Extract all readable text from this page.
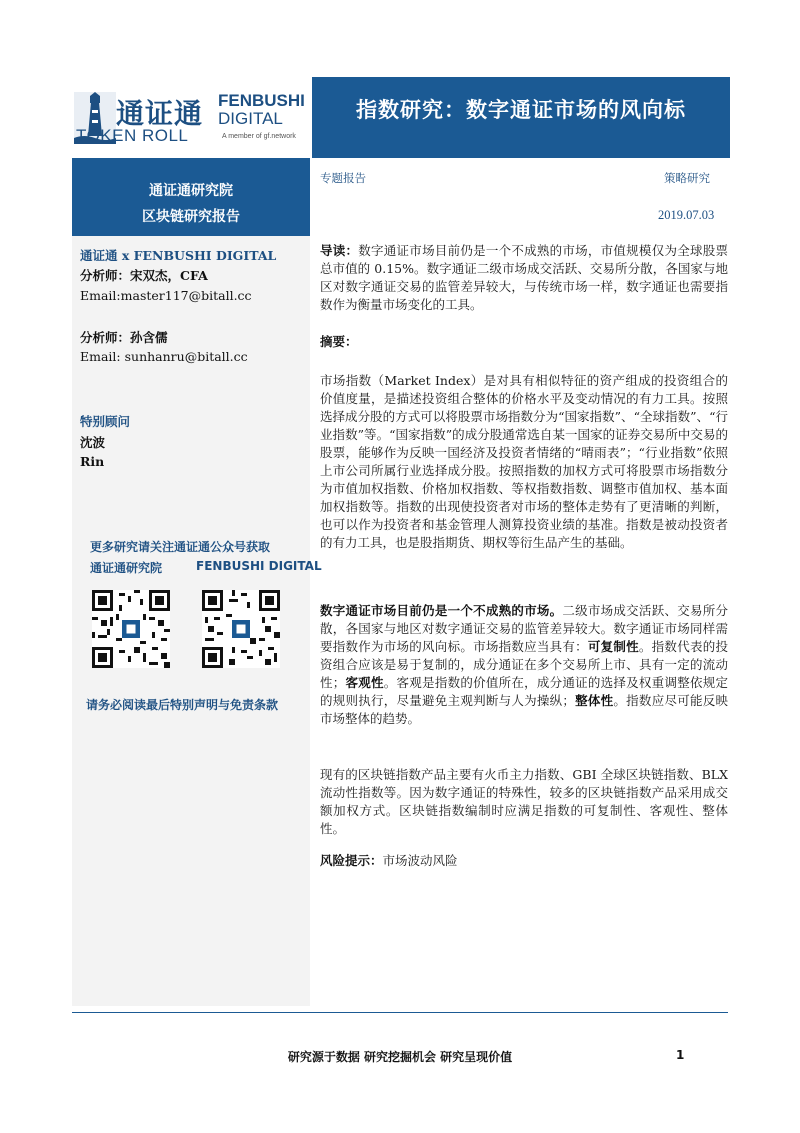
通证通 FENBUSHI
DIGITAL
TOKEN ROLL	A member of gf.network
指数研究：数字通证市场的风向标
通证通研究院
区块链研究报告
通证通 x FENBUSHI DIGITAL
分析师：宋双杰，CFA
Email:master117@bitall.cc
分析师：孙含儒
Email: sunhanru@bitall.cc
特别顾问
沈波
Rin
更多研究请关注通证通公众号获取
通证通研究院	FENBUSHI DIGITAL
请务必阅读最后特别声明与免责条款
专题报告	策略研究
2019.07.03
导读：数字通证市场目前仍是一个不成熟的市场，市值规模仅为全球股票总市值的 0.15%。数字通证二级市场成交活跃、交易所分散，各国家与地区对数字通证交易的监管差异较大，与传统市场一样，数字通证也需要指数作为衡量市场变化的工具。
摘要：
市场指数（Market Index）是对具有相似特征的资产组成的投资组合的价值度量，是描述投资组合整体的价格水平及变动情况的有力工具。按照选择成分股的方式可以将股票市场指数分为“国家指数”、“全球指数”、“行业指数”等。“国家指数”的成分股通常选自某一国家的证券交易所中交易的股票，能够作为反映一国经济及投资者情绪的“晴雨表”；“行业指数”依照上市公司所属行业选择成分股。按照指数的加权方式可将股票市场指数分为市值加权指数、价格加权指数、等权指数指数、调整市值加权、基本面加权指数等。指数的出现使投资者对市场的整体走势有了更清晰的判断，也可以作为投资者和基金管理人测算投资业绩的基准。指数是被动投资者的有力工具，也是股指期货、期权等衍生品产生的基础。
数字通证市场目前仍是一个不成熟的市场。二级市场成交活跃、交易所分散，各国家与地区对数字通证交易的监管差异较大。数字通证市场同样需要指数作为市场的风向标。市场指数应当具有：可复制性。指数代表的投资组合应该是易于复制的，成分通证在多个交易所上市、具有一定的流动性；客观性。客观是指数的价值所在，成分通证的选择及权重调整依规定的规则执行，尽量避免主观判断与人为操纵；整体性。指数应尽可能反映市场整体的趋势。
现有的区块链指数产品主要有火币主力指数、GBI 全球区块链指数、BLX 流动性指数等。因为数字通证的特殊性，较多的区块链指数产品采用成交额加权方式。区块链指数编制时应满足指数的可复制性、客观性、整体性。
风险提示：市场波动风险
研究源于数据 研究挖掘机会 研究呈现价值	1
